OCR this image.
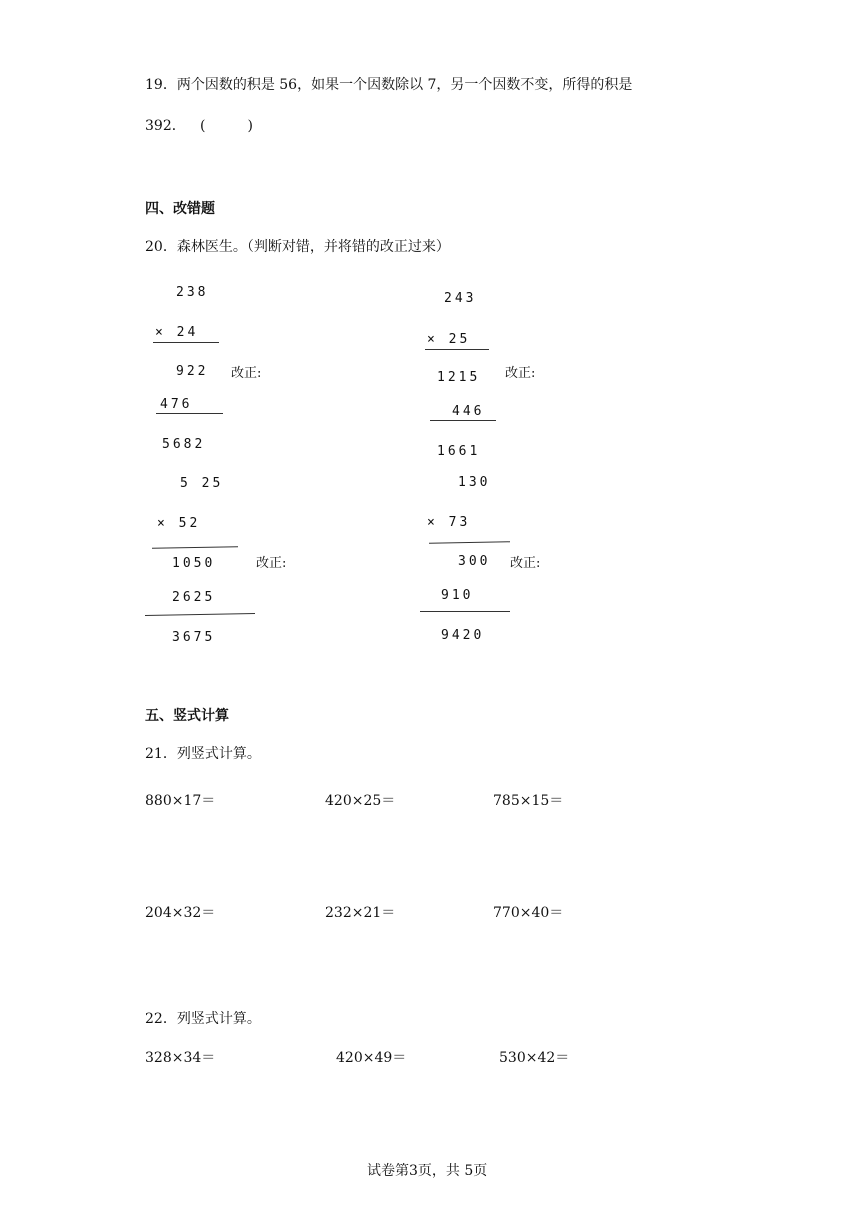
19．两个因数的积是 56，如果一个因数除以 7，另一个因数不变，所得的积是
392． (　　　)
四、改错题
20．森林医生。（判断对错，并将错的改正过来）
238
× 24
922 改正:
476
5682
243
× 25
1215 改正:
446
1661
5 25
× 52
1050	改正:
2625
3675
130
× 73
300 改正:
910
9420
五、竖式计算
21．列竖式计算。
880×17＝	420×25＝	785×15＝
204×32＝	232×21＝	770×40＝
22．列竖式计算。
328×34＝	420×49＝	530×42＝
试卷第3页，共 5页
